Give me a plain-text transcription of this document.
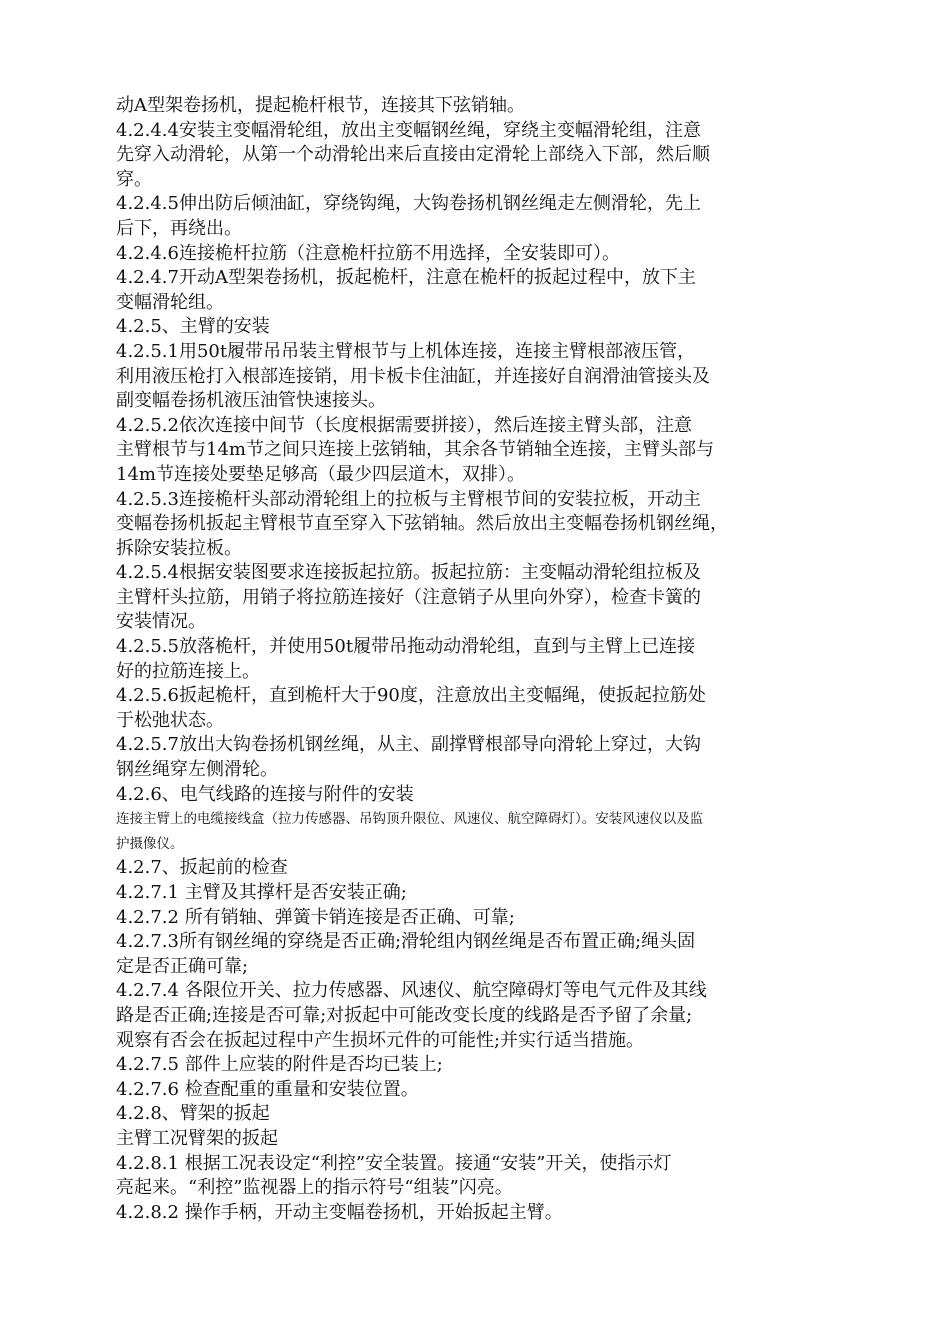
动A型架卷扬机，提起桅杆根节，连接其下弦销轴。
4.2.4.4安装主变幅滑轮组，放出主变幅钢丝绳，穿绕主变幅滑轮组，注意
先穿入动滑轮，从第一个动滑轮出来后直接由定滑轮上部绕入下部，然后顺
穿。
4.2.4.5伸出防后倾油缸，穿绕钩绳，大钩卷扬机钢丝绳走左侧滑轮，先上
后下，再绕出。
4.2.4.6连接桅杆拉筋（注意桅杆拉筋不用选择，全安装即可）。
4.2.4.7开动A型架卷扬机，扳起桅杆，注意在桅杆的扳起过程中，放下主
变幅滑轮组。
4.2.5、主臂的安装
4.2.5.1用50t履带吊吊装主臂根节与上机体连接，连接主臂根部液压管，
利用液压枪打入根部连接销，用卡板卡住油缸，并连接好自润滑油管接头及
副变幅卷扬机液压油管快速接头。
4.2.5.2依次连接中间节（长度根据需要拼接），然后连接主臂头部，注意
主臂根节与14m节之间只连接上弦销轴，其余各节销轴全连接，主臂头部与
14m节连接处要垫足够高（最少四层道木，双排）。
4.2.5.3连接桅杆头部动滑轮组上的拉板与主臂根节间的安装拉板，开动主
变幅卷扬机扳起主臂根节直至穿入下弦销轴。然后放出主变幅卷扬机钢丝绳，
拆除安装拉板。
4.2.5.4根据安装图要求连接扳起拉筋。扳起拉筋：主变幅动滑轮组拉板及
主臂杆头拉筋，用销子将拉筋连接好（注意销子从里向外穿），检查卡簧的
安装情况。
4.2.5.5放落桅杆，并使用50t履带吊拖动动滑轮组，直到与主臂上已连接
好的拉筋连接上。
4.2.5.6扳起桅杆，直到桅杆大于90度，注意放出主变幅绳，使扳起拉筋处
于松弛状态。
4.2.5.7放出大钩卷扬机钢丝绳，从主、副撑臂根部导向滑轮上穿过，大钩
钢丝绳穿左侧滑轮。
4.2.6、电气线路的连接与附件的安装
连接主臂上的电缆接线盒（拉力传感器、吊钩顶升限位、风速仪、航空障碍灯）。安装风速仪以及监
护摄像仪。
4.2.7、扳起前的检查
4.2.7.1 主臂及其撑杆是否安装正确;
4.2.7.2 所有销轴、弹簧卡销连接是否正确、可靠;
4.2.7.3所有钢丝绳的穿绕是否正确;滑轮组内钢丝绳是否布置正确;绳头固
定是否正确可靠;
4.2.7.4 各限位开关、拉力传感器、风速仪、航空障碍灯等电气元件及其线
路是否正确;连接是否可靠;对扳起中可能改变长度的线路是否予留了余量;
观察有否会在扳起过程中产生损坏元件的可能性;并实行适当措施。
4.2.7.5 部件上应装的附件是否均已装上;
4.2.7.6 检查配重的重量和安装位置。
4.2.8、臂架的扳起
主臂工况臂架的扳起
4.2.8.1 根据工况表设定“利控”安全装置。接通“安装”开关，使指示灯
亮起来。“利控”监视器上的指示符号“组装”闪亮。
4.2.8.2 操作手柄，开动主变幅卷扬机，开始扳起主臂。
